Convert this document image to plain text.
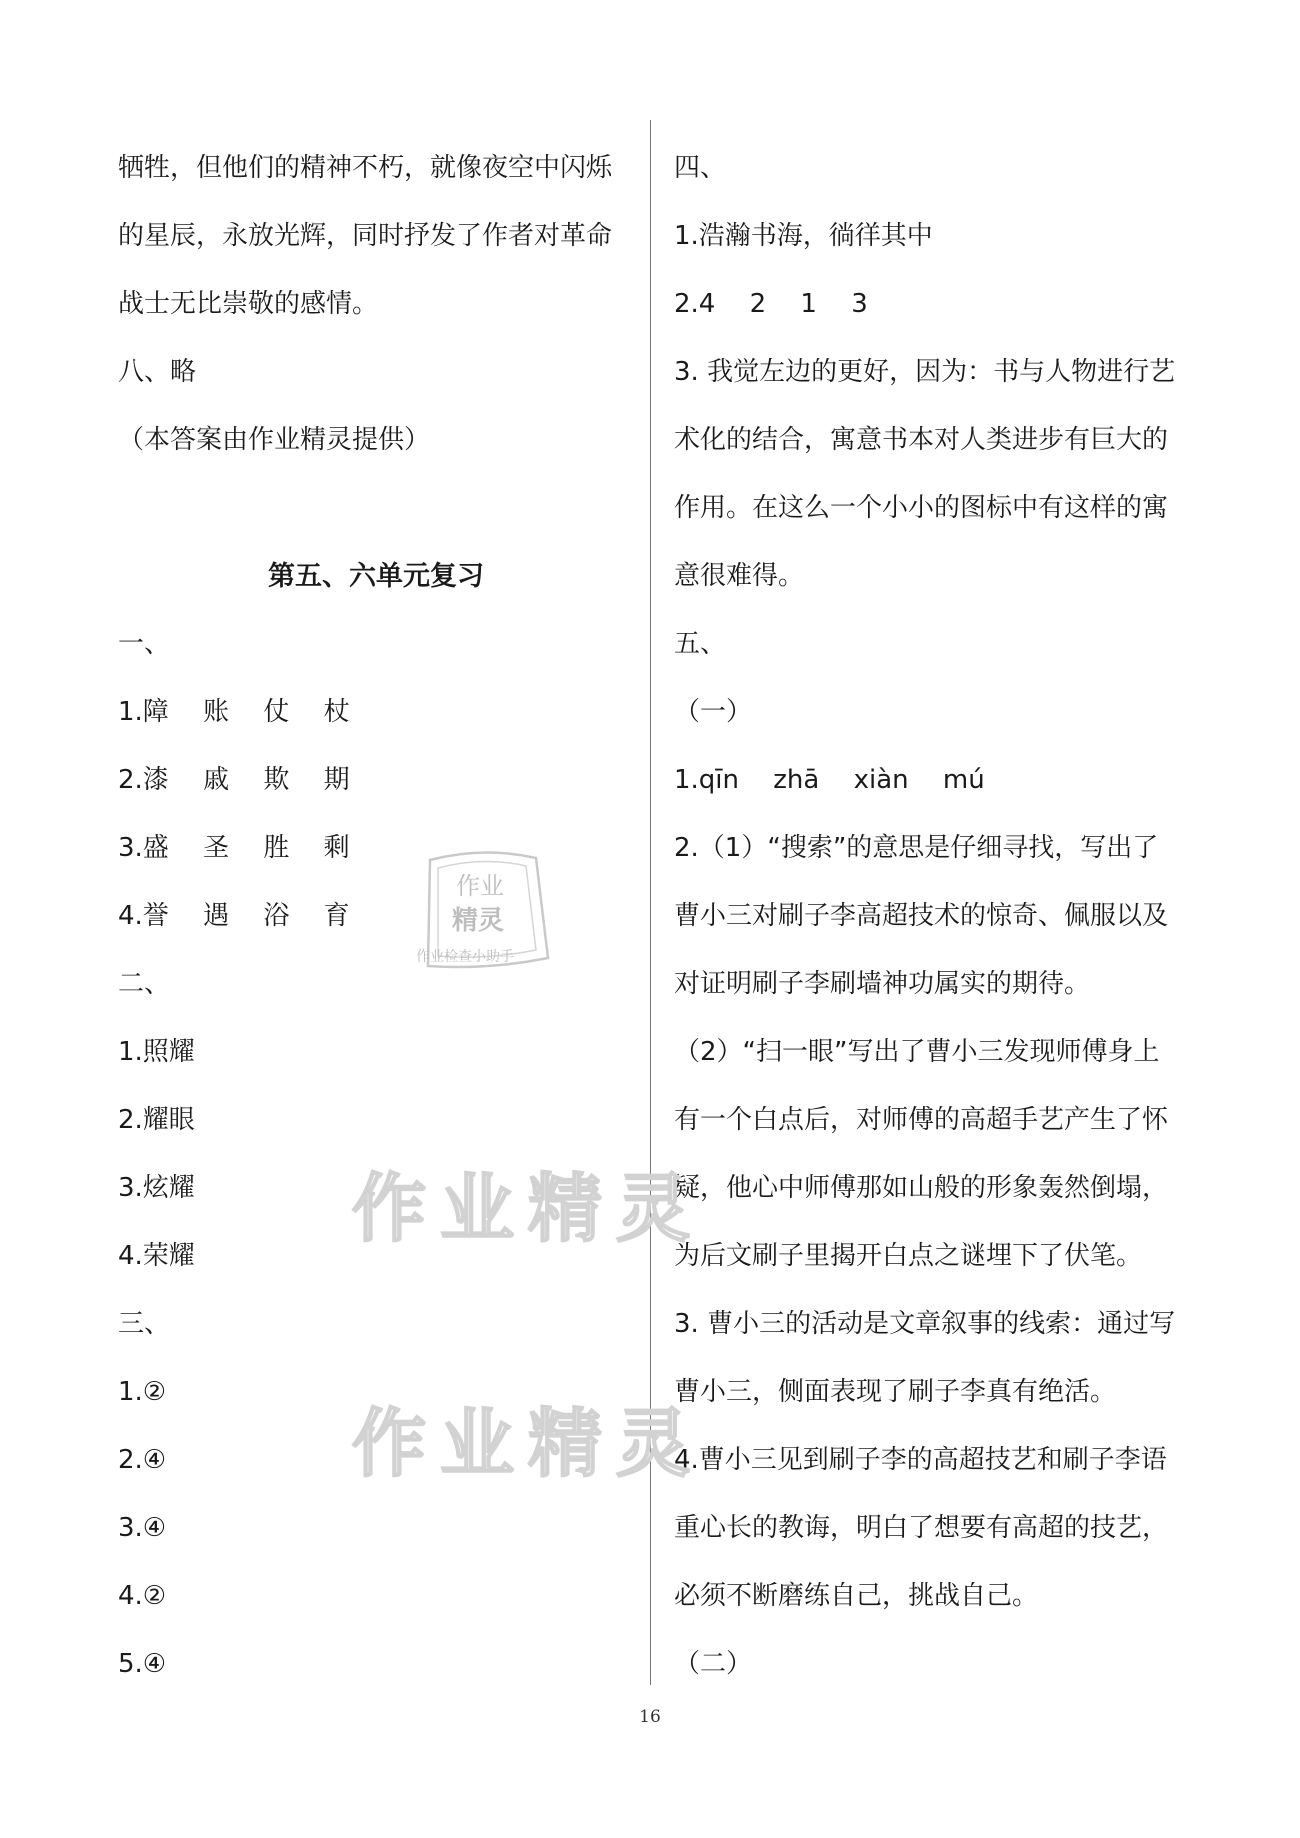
牺牲，但他们的精神不朽，就像夜空中闪烁
的星辰，永放光辉，同时抒发了作者对革命
战士无比崇敬的感情。
八、略
（本答案由作业精灵提供）
第五、六单元复习
一、
1.障　 账 　仗 　杖
2.漆　 戚 　欺 　期
3.盛 　圣 　胜 　剩
4.誉 　遇 　浴 　育
二、
1.照耀
2.耀眼
3.炫耀
4.荣耀
三、
1.②
2.④
3.④
4.②
5.④
四、
1.浩瀚书海，徜徉其中
2.4　 2　 1　 3
3. 我觉左边的更好，因为：书与人物进行艺
术化的结合，寓意书本对人类进步有巨大的
作用。在这么一个小小的图标中有这样的寓
意很难得。
五、
（一）
1.qīn　 zhā　 xiàn　 mú
2.（1）“搜索”的意思是仔细寻找，写出了
曹小三对刷子李高超技术的惊奇、佩服以及
对证明刷子李刷墙神功属实的期待。
（2）“扫一眼”写出了曹小三发现师傅身上
有一个白点后，对师傅的高超手艺产生了怀
疑，他心中师傅那如山般的形象轰然倒塌，
为后文刷子里揭开白点之谜埋下了伏笔。
3. 曹小三的活动是文章叙事的线索：通过写
曹小三，侧面表现了刷子李真有绝活。
4.曹小三见到刷子李的高超技艺和刷子李语
重心长的教诲，明白了想要有高超的技艺，
必须不断磨练自己，挑战自己。
（二）
作业
精灵
作业检查小助手
作业精灵
作业精灵
16
